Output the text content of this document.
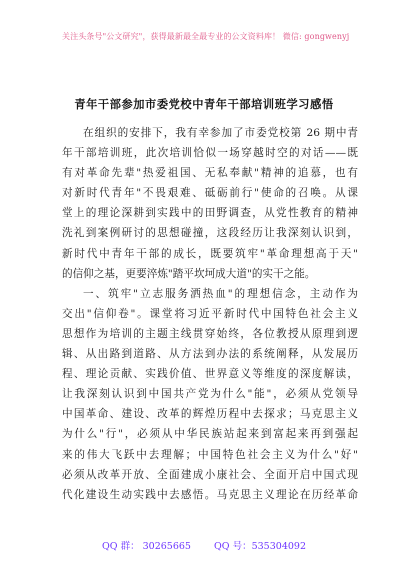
关注头条号"公文研究"，获得最新最全最专业的公文资料库！ 微信: gongwenyj
青年干部参加市委党校中青年干部培训班学习感悟
在组织的安排下，我有幸参加了市委党校第 26 期中青
年干部培训班，此次培训恰似一场穿越时空的对话——既
有对革命先辈"热爱祖国、无私奉献"精神的追慕，也有
对新时代青年"不畏艰难、砥砺前行"使命的召唤。从课
堂上的理论深耕到实践中的田野调查，从党性教育的精神
洗礼到案例研讨的思想碰撞，这段经历让我深刻认识到，
新时代中青年干部的成长，既要筑牢"革命理想高于天"
的信仰之基，更要淬炼"踏平坎坷成大道"的实干之能。
一、筑牢"立志服务洒热血"的理想信念，主动作为
交出"信仰卷"。课堂将习近平新时代中国特色社会主义
思想作为培训的主题主线贯穿始终，各位教授从原理到逻
辑、从出路到道路、从方法到办法的系统阐释，从发展历
程、理论贡献、实践价值、世界意义等维度的深度解读，
让我深刻认识到中国共产党为什么"能"，必须从党领导
中国革命、建设、改革的辉煌历程中去探求；马克思主义
为什么"行"，必须从中华民族站起来到富起来再到强起
来的伟大飞跃中去理解；中国特色社会主义为什么"好"
必须从改革开放、全面建成小康社会、全面开启中国式现
代化建设生动实践中去感悟。马克思主义理论在历经革命
QQ 群： 30265665 QQ 号：535304092
